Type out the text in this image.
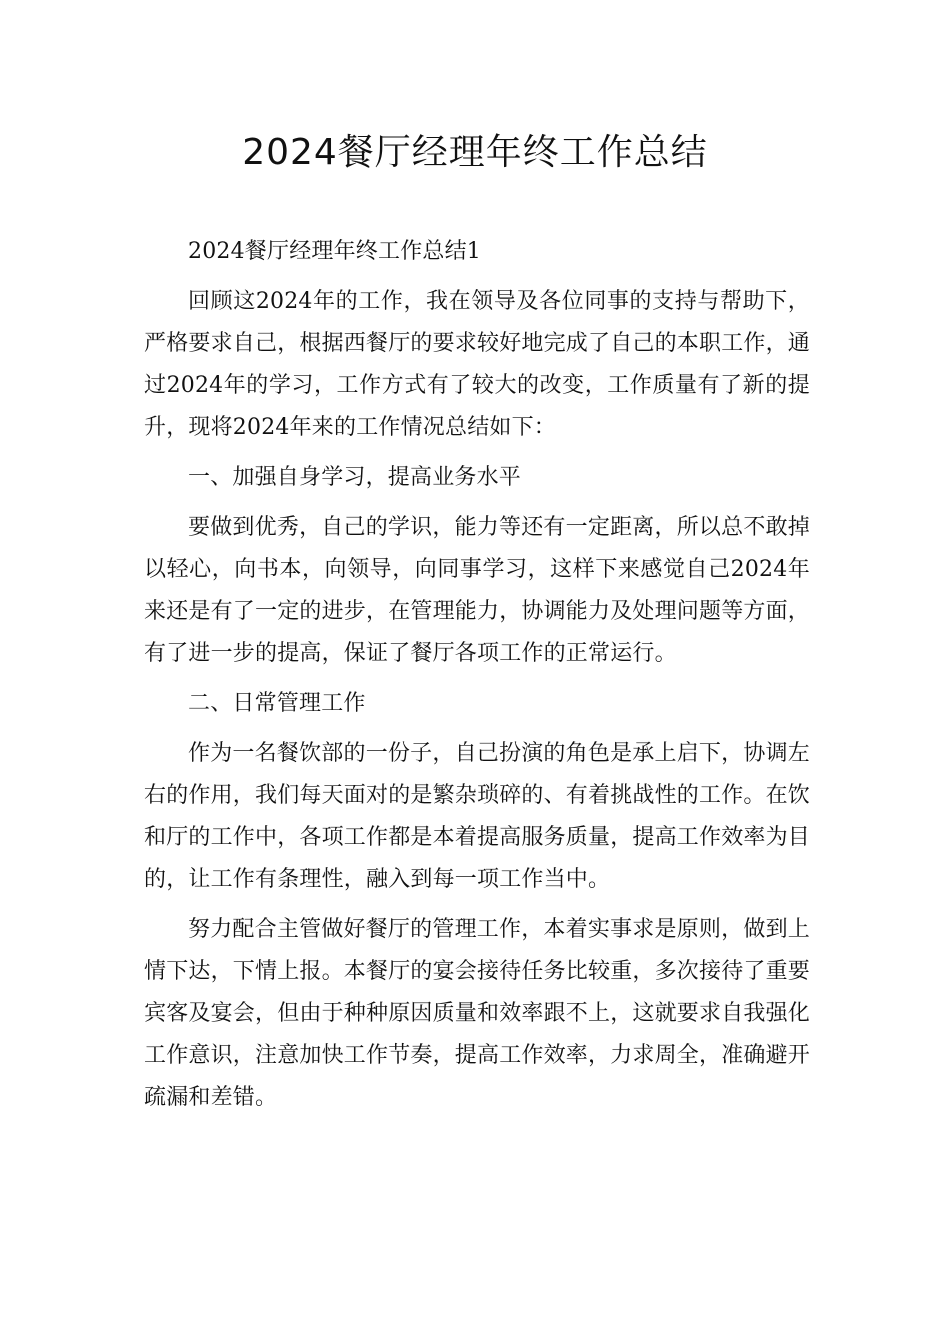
2024餐厅经理年终工作总结

2024餐厅经理年终工作总结1

回顾这2024年的工作，我在领导及各位同事的支持与帮助下，严格要求自己，根据西餐厅的要求较好地完成了自己的本职工作，通过2024年的学习，工作方式有了较大的改变，工作质量有了新的提升，现将2024年来的工作情况总结如下：

一、加强自身学习，提高业务水平

要做到优秀，自己的学识，能力等还有一定距离，所以总不敢掉以轻心，向书本，向领导，向同事学习，这样下来感觉自己2024年来还是有了一定的进步，在管理能力，协调能力及处理问题等方面，有了进一步的提高，保证了餐厅各项工作的正常运行。

二、日常管理工作

作为一名餐饮部的一份子，自己扮演的角色是承上启下，协调左右的作用，我们每天面对的是繁杂琐碎的、有着挑战性的工作。在饮和厅的工作中，各项工作都是本着提高服务质量，提高工作效率为目的，让工作有条理性，融入到每一项工作当中。

努力配合主管做好餐厅的管理工作，本着实事求是原则，做到上情下达，下情上报。本餐厅的宴会接待任务比较重，多次接待了重要宾客及宴会，但由于种种原因质量和效率跟不上，这就要求自我强化工作意识，注意加快工作节奏，提高工作效率，力求周全，准确避开疏漏和差错。
